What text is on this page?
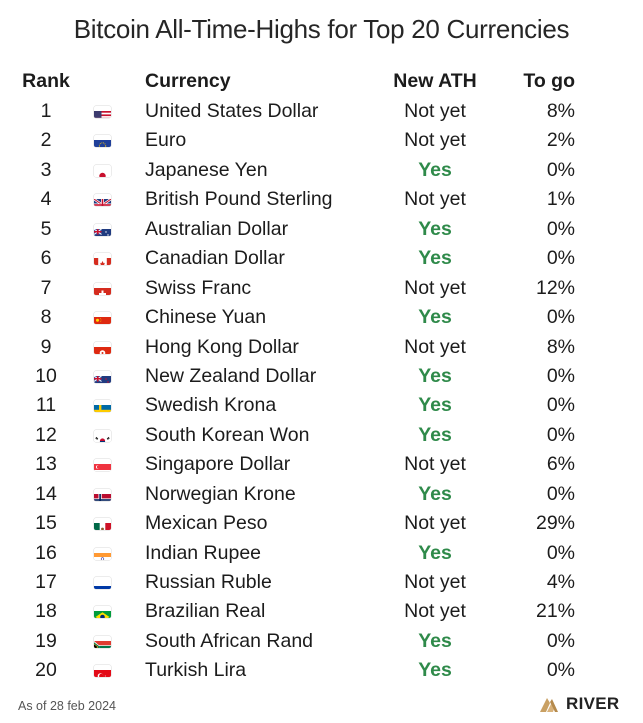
Bitcoin All-Time-Highs for Top 20 Currencies
Rank	Currency	New ATH	To go
1	United States Dollar	Not yet	8%
2	Euro	Not yet	2%
3	Japanese Yen	Yes	0%
4	British Pound Sterling	Not yet	1%
5	Australian Dollar	Yes	0%
6	Canadian Dollar	Yes	0%
7	Swiss Franc	Not yet	12%
8	Chinese Yuan	Yes	0%
9	Hong Kong Dollar	Not yet	8%
10	New Zealand Dollar	Yes	0%
11	Swedish Krona	Yes	0%
12	South Korean Won	Yes	0%
13	Singapore Dollar	Not yet	6%
14	Norwegian Krone	Yes	0%
15	Mexican Peso	Not yet	29%
16	Indian Rupee	Yes	0%
17	Russian Ruble	Not yet	4%
18	Brazilian Real	Not yet	21%
19	South African Rand	Yes	0%
20	Turkish Lira	Yes	0%
As of 28 feb 2024	RIVER
